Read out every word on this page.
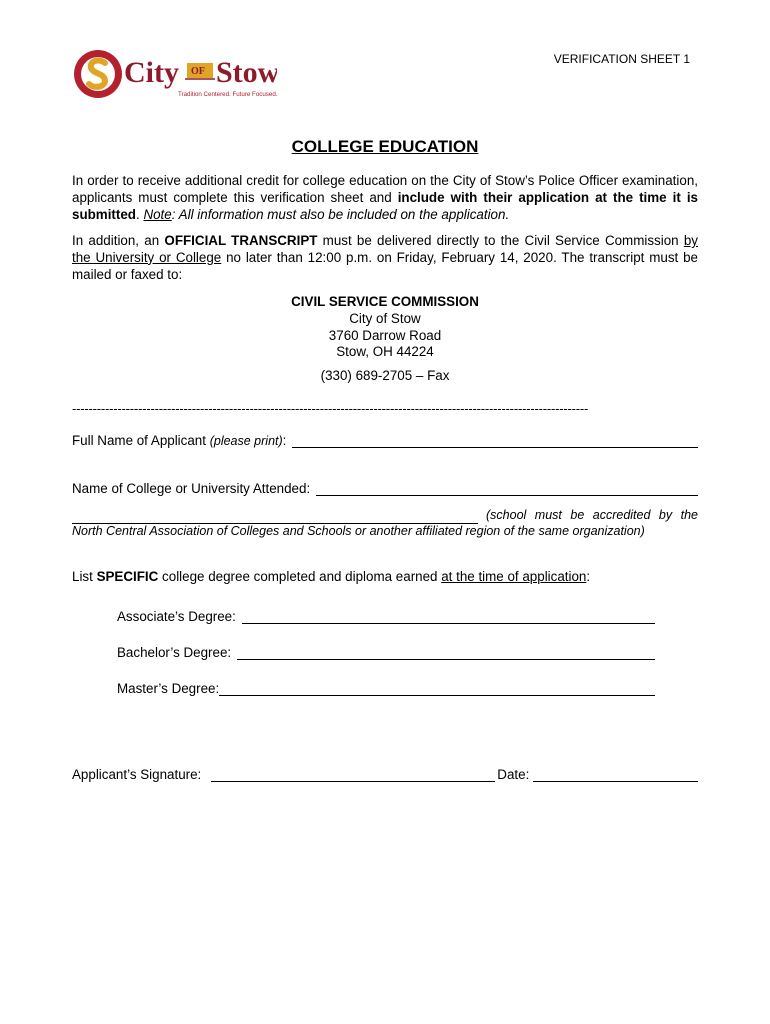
City OF Stow
Tradition Centered. Future Focused.
VERIFICATION SHEET 1
COLLEGE EDUCATION
In order to receive additional credit for college education on the City of Stow’s Police Officer examination, applicants must complete this verification sheet and include with their application at the time it is submitted. Note: All information must also be included on the application.
In addition, an OFFICIAL TRANSCRIPT must be delivered directly to the Civil Service Commission by the University or College no later than 12:00 p.m. on Friday, February 14, 2020. The transcript must be mailed or faxed to:
CIVIL SERVICE COMMISSION
City of Stow
3760 Darrow Road
Stow, OH 44224
(330) 689-2705 – Fax
-----------------------------------------------------------------------------------------------------------------------------
Full Name of Applicant (please print):
Name of College or University Attended:
(school must be accredited by the
North Central Association of Colleges and Schools or another affiliated region of the same organization)
List SPECIFIC college degree completed and diploma earned at the time of application:
Associate’s Degree:
Bachelor’s Degree:
Master’s Degree:
Applicant’s Signature:	Date:
